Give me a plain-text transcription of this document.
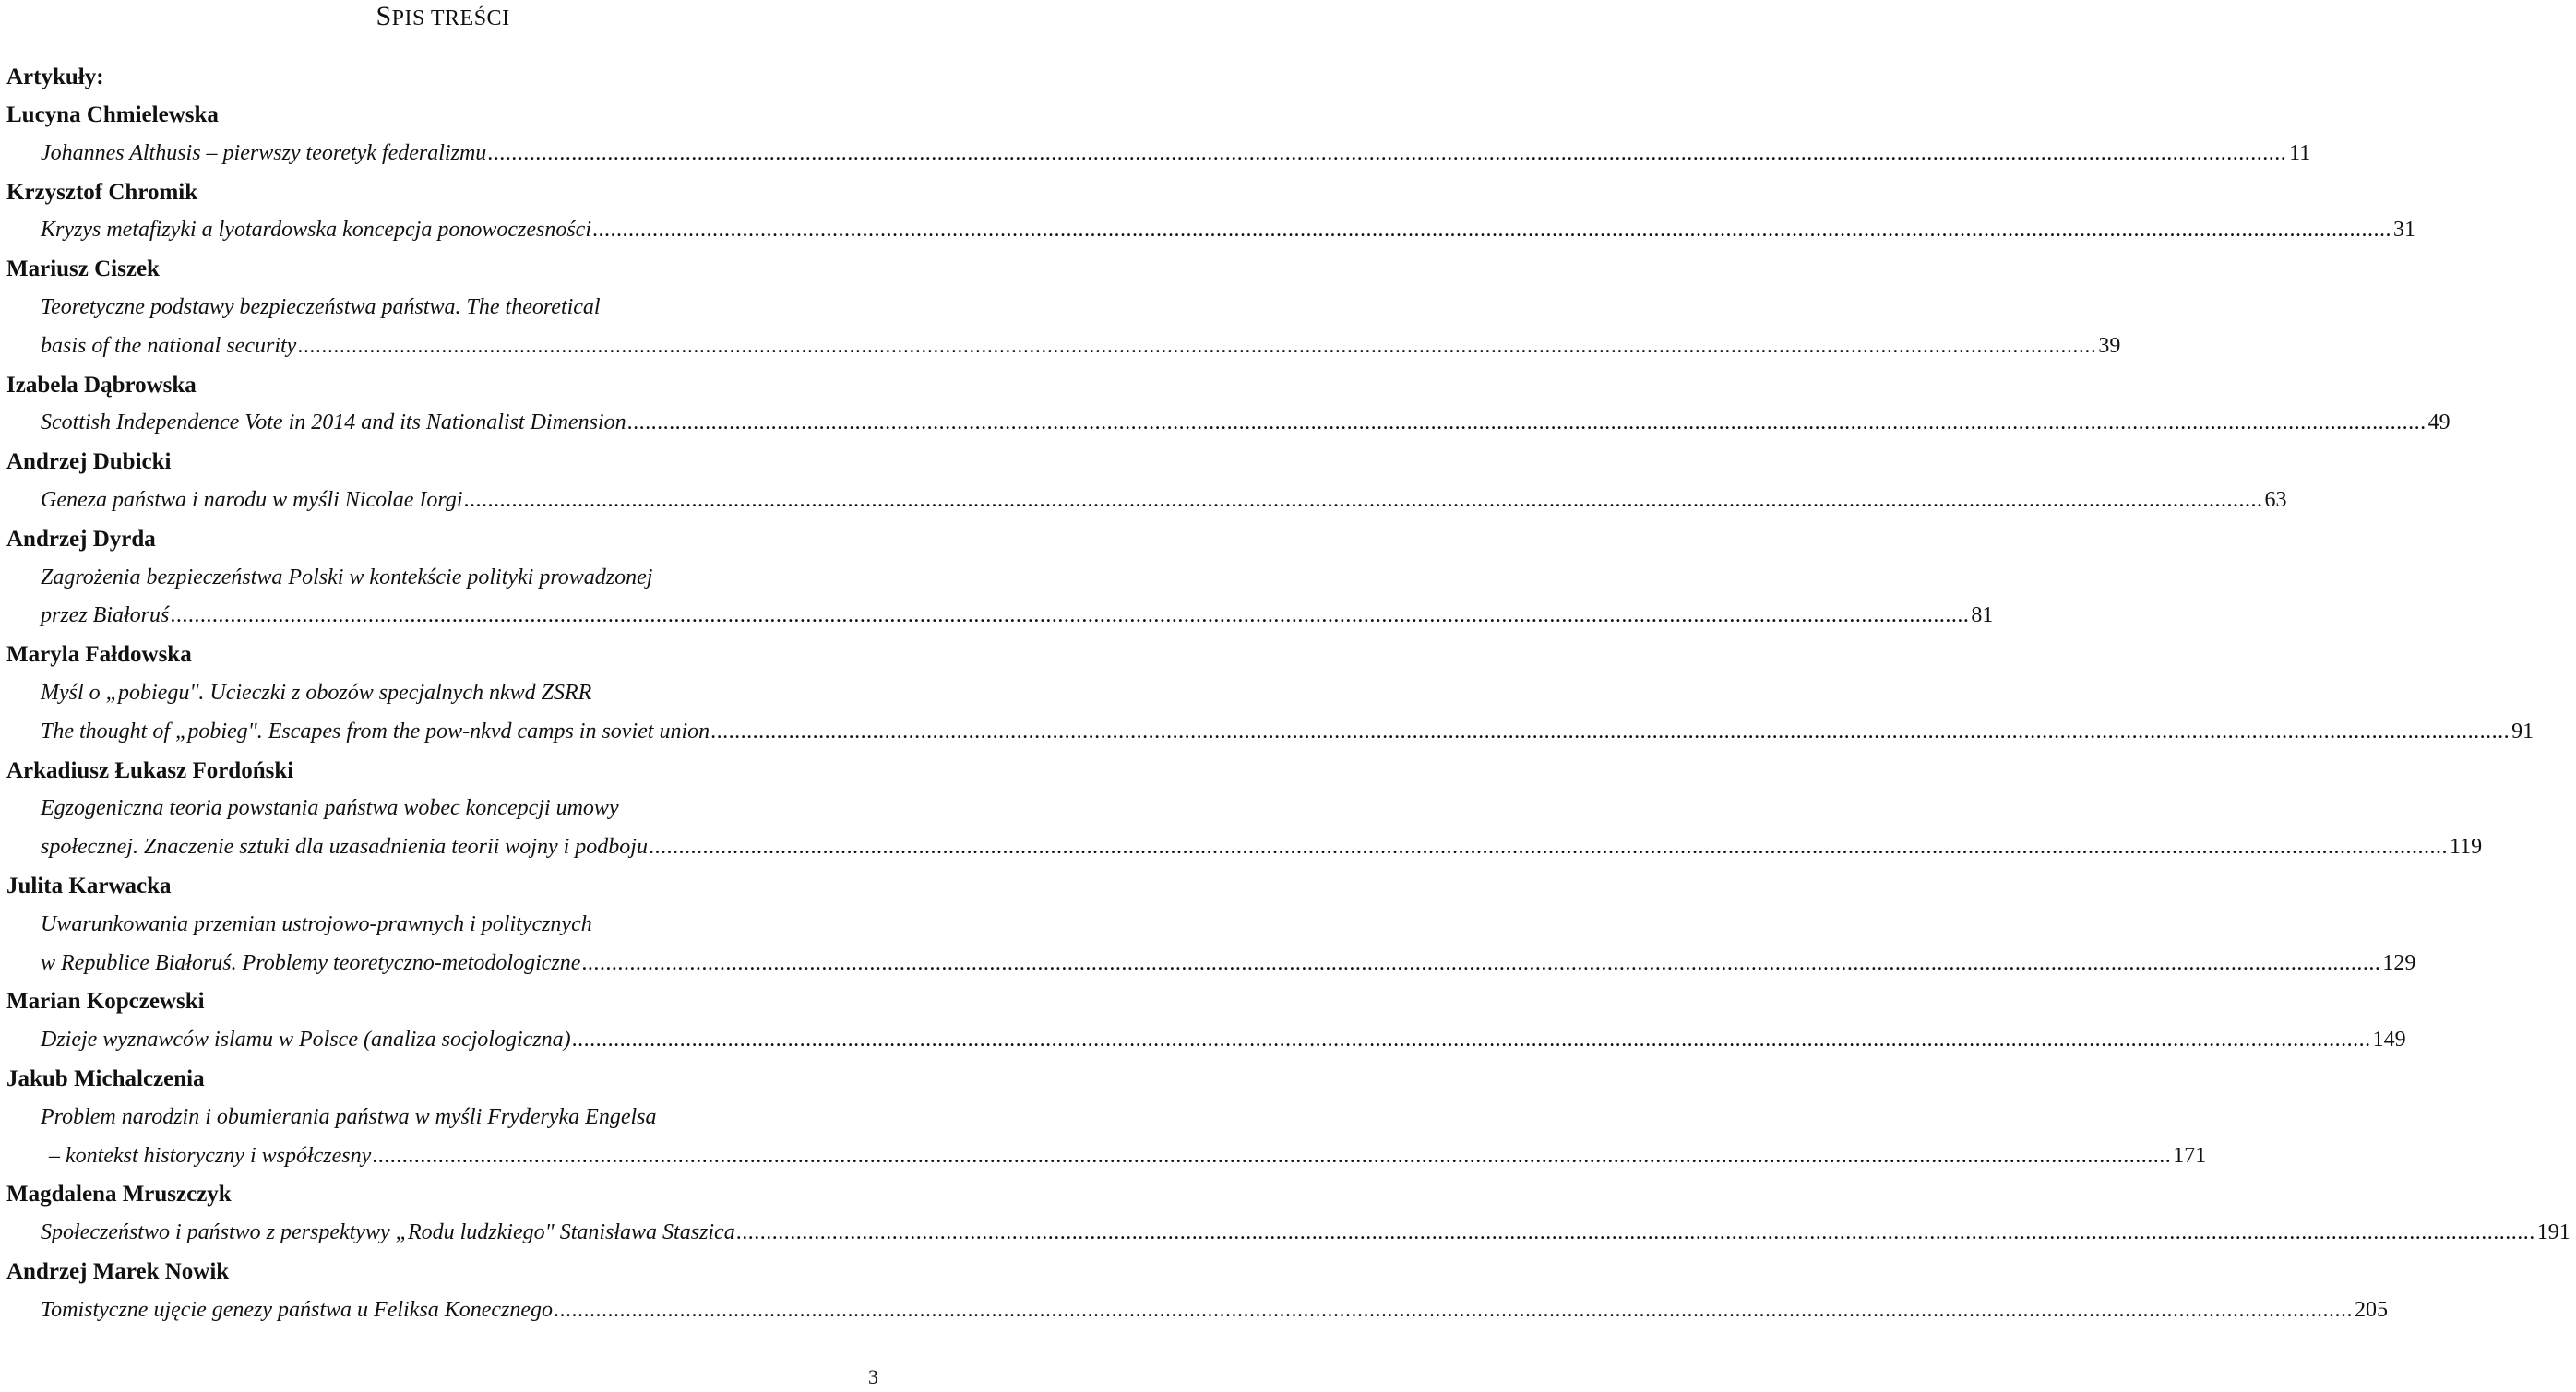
SPIS TREŚCI
Artykuły:
Lucyna Chmielewska
Johannes Althusis – pierwszy teoretyk federalizmu ............................................................................................................................................................................................................................................................................................................ 11
Krzysztof Chromik
Kryzys metafizyki a lyotardowska koncepcja ponowoczesności ............................................................................................................................................................................................................................................................................................................ 31
Mariusz Ciszek
Teoretyczne podstawy bezpieczeństwa państwa. The theoretical
basis of the national security ............................................................................................................................................................................................................................................................................................................ 39
Izabela Dąbrowska
Scottish Independence Vote in 2014 and its Nationalist Dimension ............................................................................................................................................................................................................................................................................................................ 49
Andrzej Dubicki
Geneza państwa i narodu w myśli Nicolae Iorgi ............................................................................................................................................................................................................................................................................................................ 63
Andrzej Dyrda
Zagrożenia bezpieczeństwa Polski w kontekście polityki prowadzonej
przez Białoruś ............................................................................................................................................................................................................................................................................................................ 81
Maryla Fałdowska
Myśl o „pobiegu". Ucieczki z obozów specjalnych nkwd ZSRR
The thought of „pobieg". Escapes from the pow-nkvd camps in soviet union ............................................................................................................................................................................................................................................................................................................ 91
Arkadiusz Łukasz Fordoński
Egzogeniczna teoria powstania państwa wobec koncepcji umowy
społecznej. Znaczenie sztuki dla uzasadnienia teorii wojny i podboju ............................................................................................................................................................................................................................................................................................................ 119
Julita Karwacka
Uwarunkowania przemian ustrojowo-prawnych i politycznych
w Republice Białoruś. Problemy teoretyczno-metodologiczne ............................................................................................................................................................................................................................................................................................................ 129
Marian Kopczewski
Dzieje wyznawców islamu w Polsce (analiza socjologiczna) ............................................................................................................................................................................................................................................................................................................ 149
Jakub Michalczenia
Problem narodzin i obumierania państwa w myśli Fryderyka Engelsa
– kontekst historyczny i współczesny ............................................................................................................................................................................................................................................................................................................ 171
Magdalena Mruszczyk
Społeczeństwo i państwo z perspektywy „Rodu ludzkiego" Stanisława Staszica ............................................................................................................................................................................................................................................................................................................ 191
Andrzej Marek Nowik
Tomistyczne ujęcie genezy państwa u Feliksa Konecznego ............................................................................................................................................................................................................................................................................................................ 205
3
